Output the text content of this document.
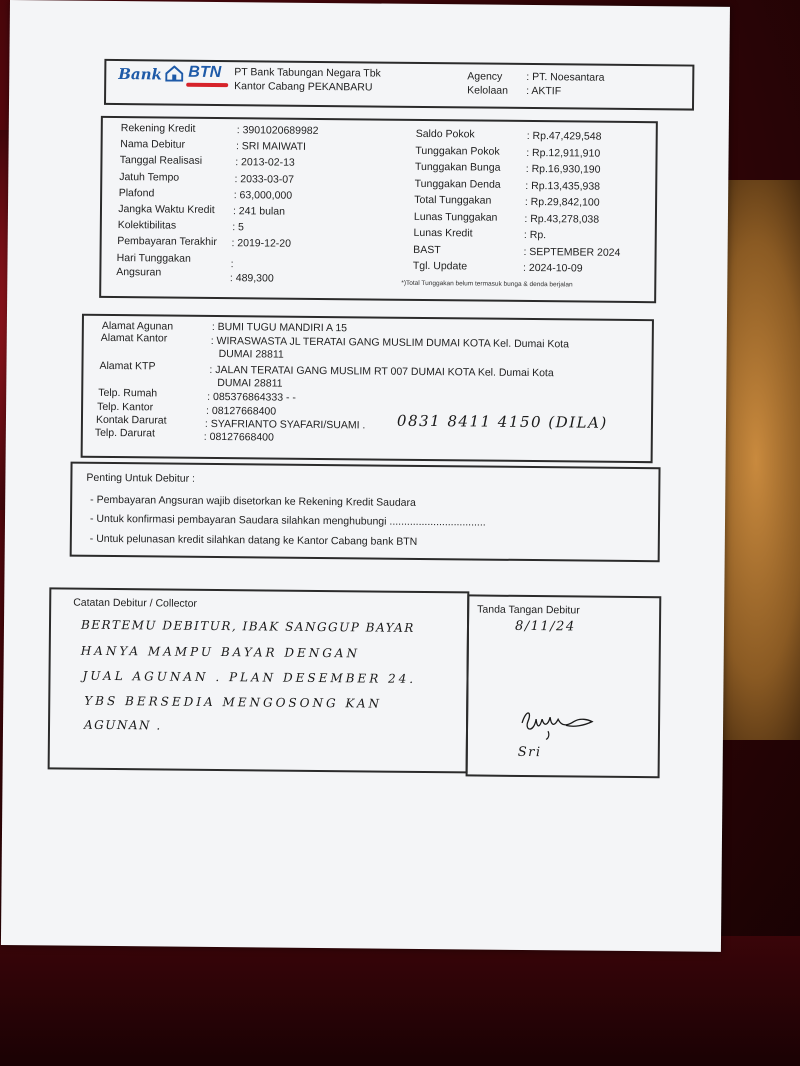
Bank BTN PT Bank Tabungan Negara Tbk
Kantor Cabang PEKANBARU
Agency : PT. Noesantara
Kelolaan : AKTIF
Rekening Kredit	: 3901020689982
Nama Debitur	: SRI MAIWATI
Tanggal Realisasi	: 2013-02-13
Jatuh Tempo	: 2033-03-07
Plafond	: 63,000,000
Jangka Waktu Kredit : 241 bulan
Kolektibilitas	: 5
Pembayaran Terakhir : 2019-12-20
Hari Tunggakan	:
Angsuran	: 489,300
Saldo Pokok	: Rp.47,429,548
Tunggakan Pokok	: Rp.12,911,910
Tunggakan Bunga : Rp.16,930,190
Tunggakan Denda : Rp.13,435,938
Total Tunggakan	: Rp.29,842,100
Lunas Tunggakan	: Rp.43,278,038
Lunas Kredit	: Rp.
BAST	: SEPTEMBER 2024
Tgl. Update	: 2024-10-09
*)Total Tunggakan belum termasuk bunga & denda berjalan
Alamat Agunan	: BUMI TUGU MANDIRI A 15
Alamat Kantor	: WIRASWASTA JL TERATAI GANG MUSLIM DUMAI KOTA Kel. Dumai Kota
DUMAI 28811
Alamat KTP	: JALAN TERATAI GANG MUSLIM RT 007 DUMAI KOTA Kel. Dumai Kota
DUMAI 28811
Telp. Rumah	: 085376864333 - -
Telp. Kantor	: 08127668400
Kontak Darurat	: SYAFRIANTO SYAFARI/SUAMI . 0831 8411 4150 (DILA)
Telp. Darurat	: 08127668400
Penting Untuk Debitur :
- Pembayaran Angsuran wajib disetorkan ke Rekening Kredit Saudara
- Untuk konfirmasi pembayaran Saudara silahkan menghubungi .................................
- Untuk pelunasan kredit silahkan datang ke Kantor Cabang bank BTN
Catatan Debitur / Collector
BERTEMU DEBITUR, IBAK SANGGUP BAYAR
HANYA MAMPU BAYAR DENGAN
JUAL AGUNAN . PLAN DESEMBER 24.
YBS BERSEDIA MENGOSONG KAN
AGUNAN .
Tanda Tangan Debitur
8/11/24
Sri
